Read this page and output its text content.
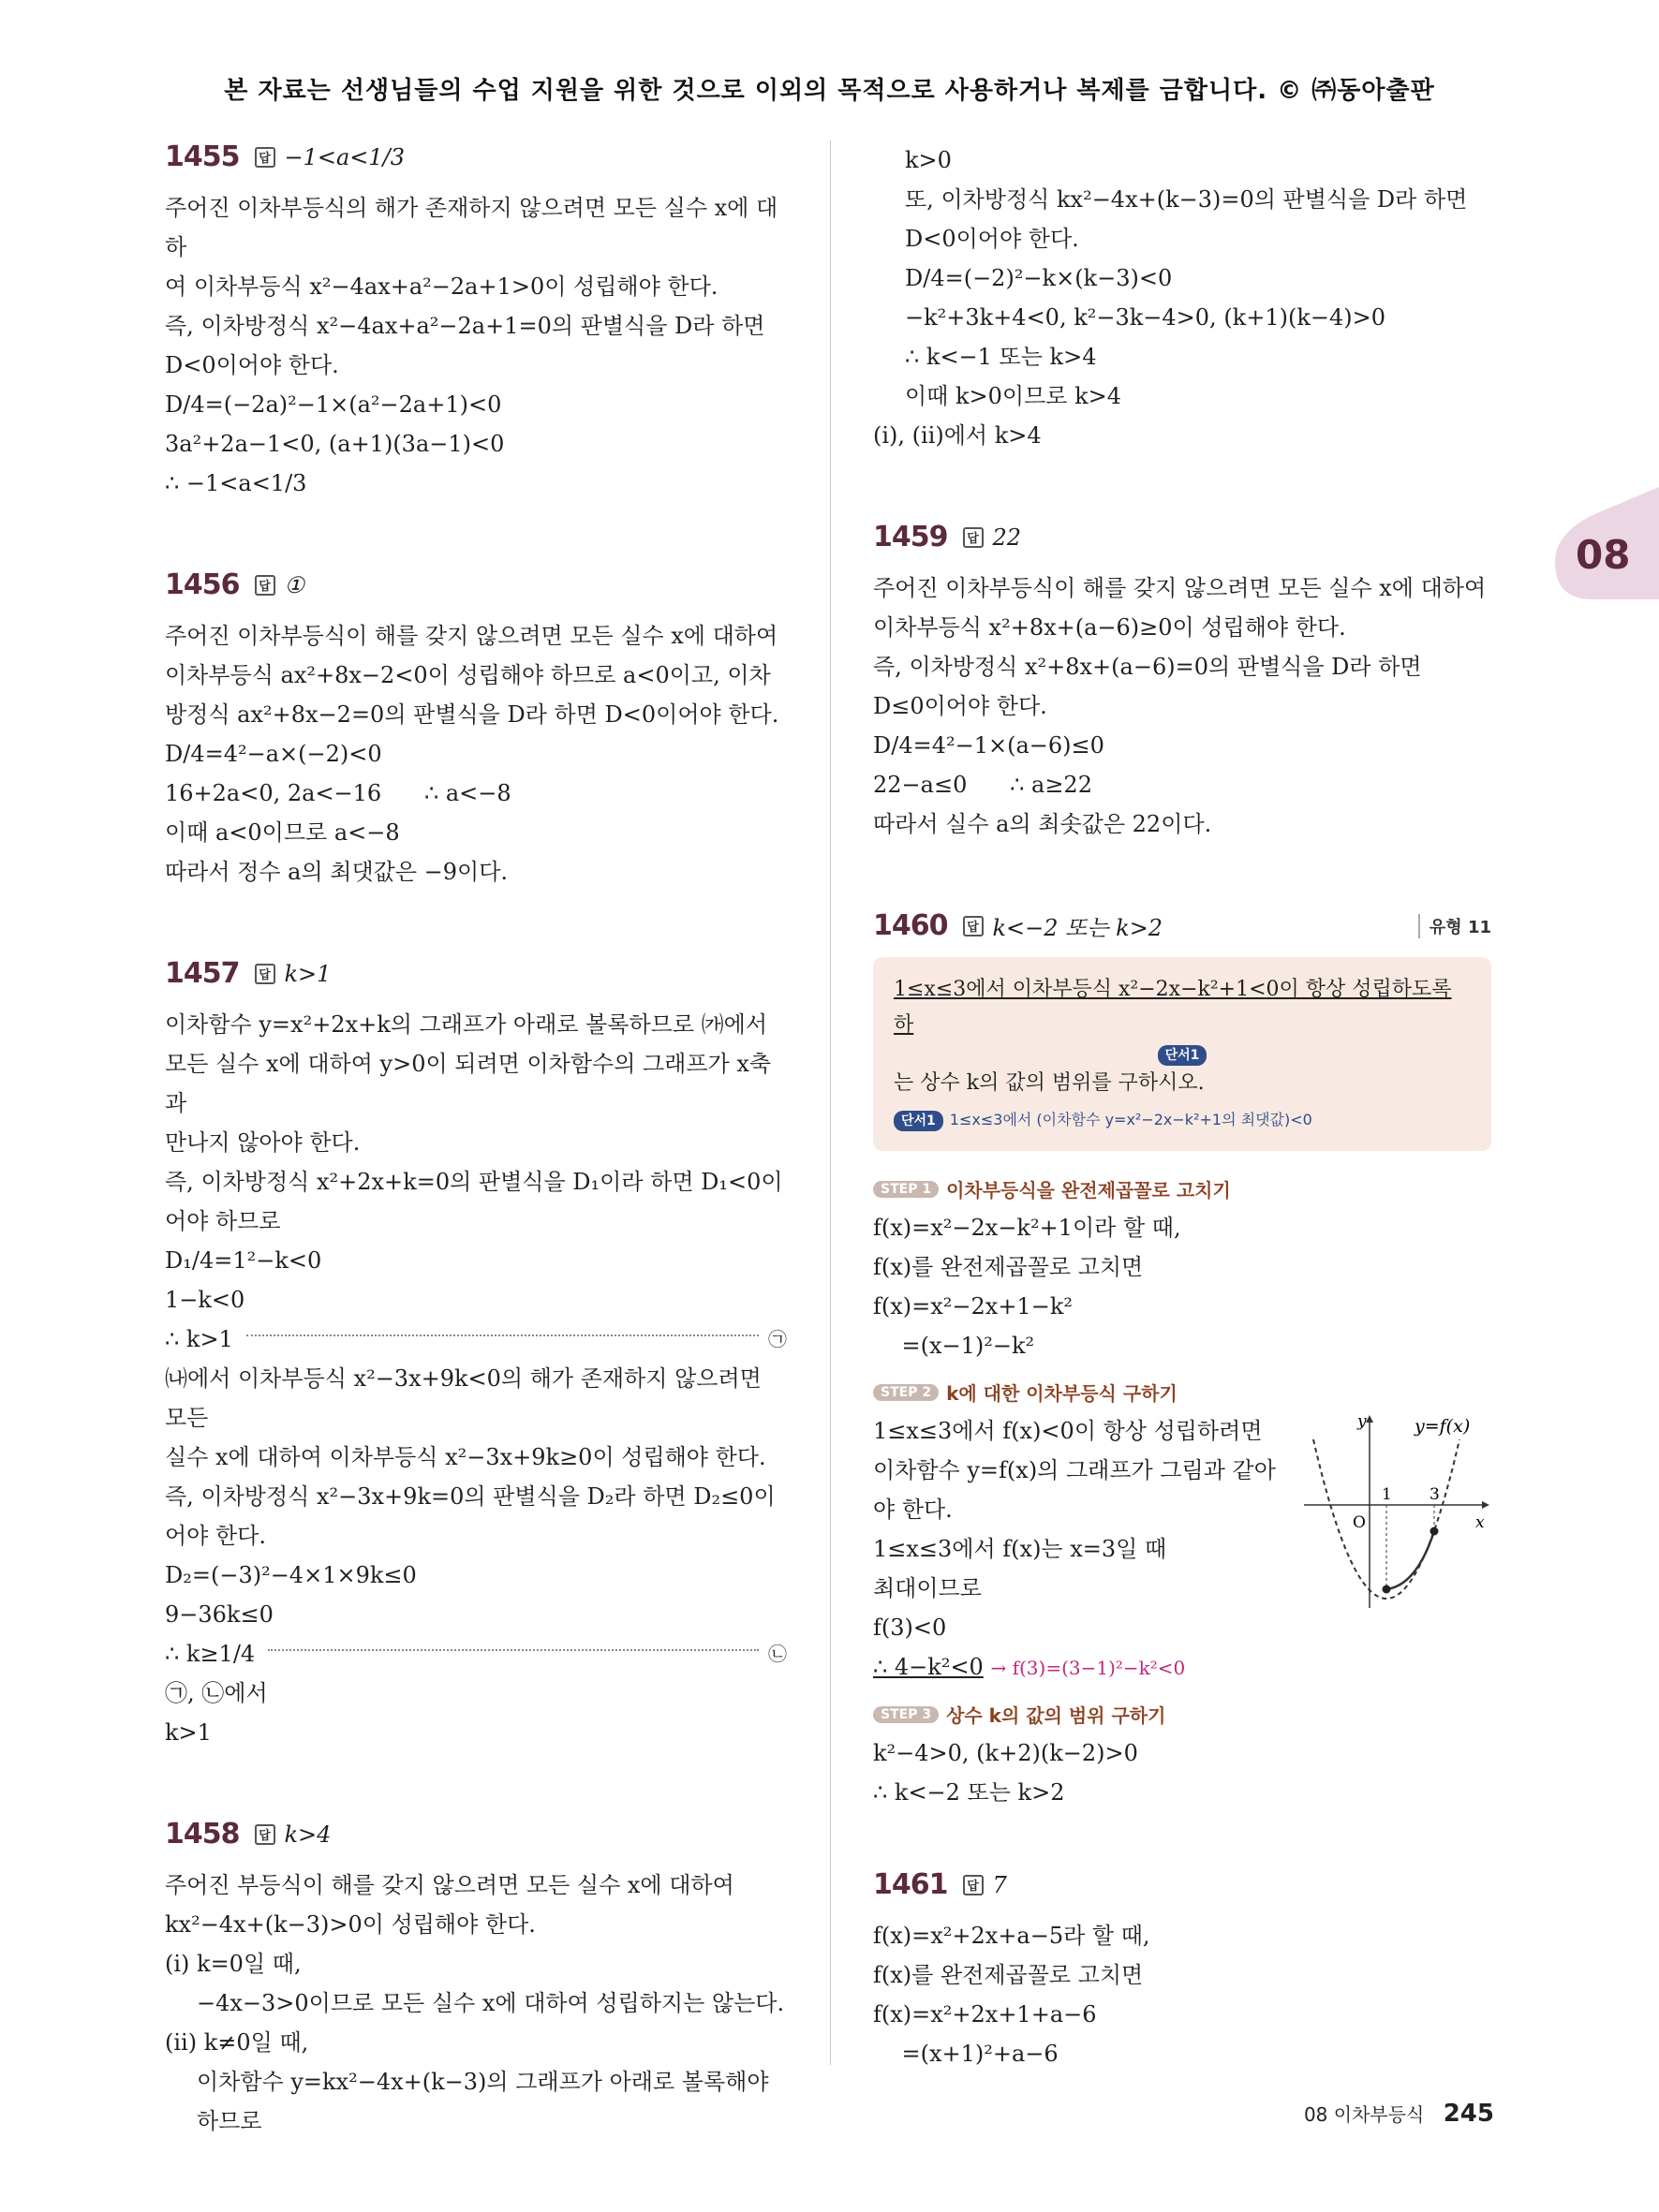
본 자료는 선생님들의 수업 지원을 위한 것으로 이외의 목적으로 사용하거나 복제를 금합니다. © ㈜동아출판
08
1455	답 −1<a<1/3
주어진 이차부등식의 해가 존재하지 않으려면 모든 실수 x에 대하
여 이차부등식 x²−4ax+a²−2a+1>0이 성립해야 한다.
즉, 이차방정식 x²−4ax+a²−2a+1=0의 판별식을 D라 하면
D<0이어야 한다.
D/4=(−2a)²−1×(a²−2a+1)<0
3a²+2a−1<0, (a+1)(3a−1)<0
∴ −1<a<1/3
1456	답 ①
주어진 이차부등식이 해를 갖지 않으려면 모든 실수 x에 대하여
이차부등식 ax²+8x−2<0이 성립해야 하므로 a<0이고, 이차
방정식 ax²+8x−2=0의 판별식을 D라 하면 D<0이어야 한다.
D/4=4²−a×(−2)<0
16+2a<0, 2a<−16      ∴ a<−8
이때 a<0이므로 a<−8
따라서 정수 a의 최댓값은 −9이다.
1457	답 k>1
이차함수 y=x²+2x+k의 그래프가 아래로 볼록하므로 ㈎에서
모든 실수 x에 대하여 y>0이 되려면 이차함수의 그래프가 x축과
만나지 않아야 한다.
즉, 이차방정식 x²+2x+k=0의 판별식을 D₁이라 하면 D₁<0이
어야 하므로
D₁/4=1²−k<0
1−k<0
∴ k>1	㉠
㈏에서 이차부등식 x²−3x+9k<0의 해가 존재하지 않으려면 모든
실수 x에 대하여 이차부등식 x²−3x+9k≥0이 성립해야 한다.
즉, 이차방정식 x²−3x+9k=0의 판별식을 D₂라 하면 D₂≤0이
어야 한다.
D₂=(−3)²−4×1×9k≤0
9−36k≤0
∴ k≥1/4	㉡
㉠, ㉡에서
k>1
1458	답 k>4
주어진 부등식이 해를 갖지 않으려면 모든 실수 x에 대하여
kx²−4x+(k−3)>0이 성립해야 한다.
(ⅰ) k=0일 때,
−4x−3>0이므로 모든 실수 x에 대하여 성립하지는 않는다.
(ⅱ) k≠0일 때,
이차함수 y=kx²−4x+(k−3)의 그래프가 아래로 볼록해야
하므로
k>0
또, 이차방정식 kx²−4x+(k−3)=0의 판별식을 D라 하면
D<0이어야 한다.
D/4=(−2)²−k×(k−3)<0
−k²+3k+4<0, k²−3k−4>0, (k+1)(k−4)>0
∴ k<−1 또는 k>4
이때 k>0이므로 k>4
(ⅰ), (ⅱ)에서 k>4
1459	답 22
주어진 이차부등식이 해를 갖지 않으려면 모든 실수 x에 대하여
이차부등식 x²+8x+(a−6)≥0이 성립해야 한다.
즉, 이차방정식 x²+8x+(a−6)=0의 판별식을 D라 하면
D≤0이어야 한다.
D/4=4²−1×(a−6)≤0
22−a≤0      ∴ a≥22
따라서 실수 a의 최솟값은 22이다.
1460	답 k<−2 또는 k>2	유형 11
1≤x≤3에서 이차부등식 x²−2x−k²+1<0이 항상 성립하도록 하
단서1
는 상수 k의 값의 범위를 구하시오.
단서1 1≤x≤3에서 (이차함수 y=x²−2x−k²+1의 최댓값)<0
STEP 1 이차부등식을 완전제곱꼴로 고치기
f(x)=x²−2x−k²+1이라 할 때,
f(x)를 완전제곱꼴로 고치면
f(x)=x²−2x+1−k²
=(x−1)²−k²
STEP 2 k에 대한 이차부등식 구하기
1≤x≤3에서 f(x)<0이 항상 성립하려면
이차함수 y=f(x)의 그래프가 그림과 같아
야 한다.
1≤x≤3에서 f(x)는 x=3일 때
최대이므로
f(3)<0
y	y=f(x)
x
O
1 3
∴ 4−k²<0 → f(3)=(3−1)²−k²<0
STEP 3 상수 k의 값의 범위 구하기
k²−4>0, (k+2)(k−2)>0
∴ k<−2 또는 k>2
1461	답 7
f(x)=x²+2x+a−5라 할 때,
f(x)를 완전제곱꼴로 고치면
f(x)=x²+2x+1+a−6
=(x+1)²+a−6
08 이차부등식 245
